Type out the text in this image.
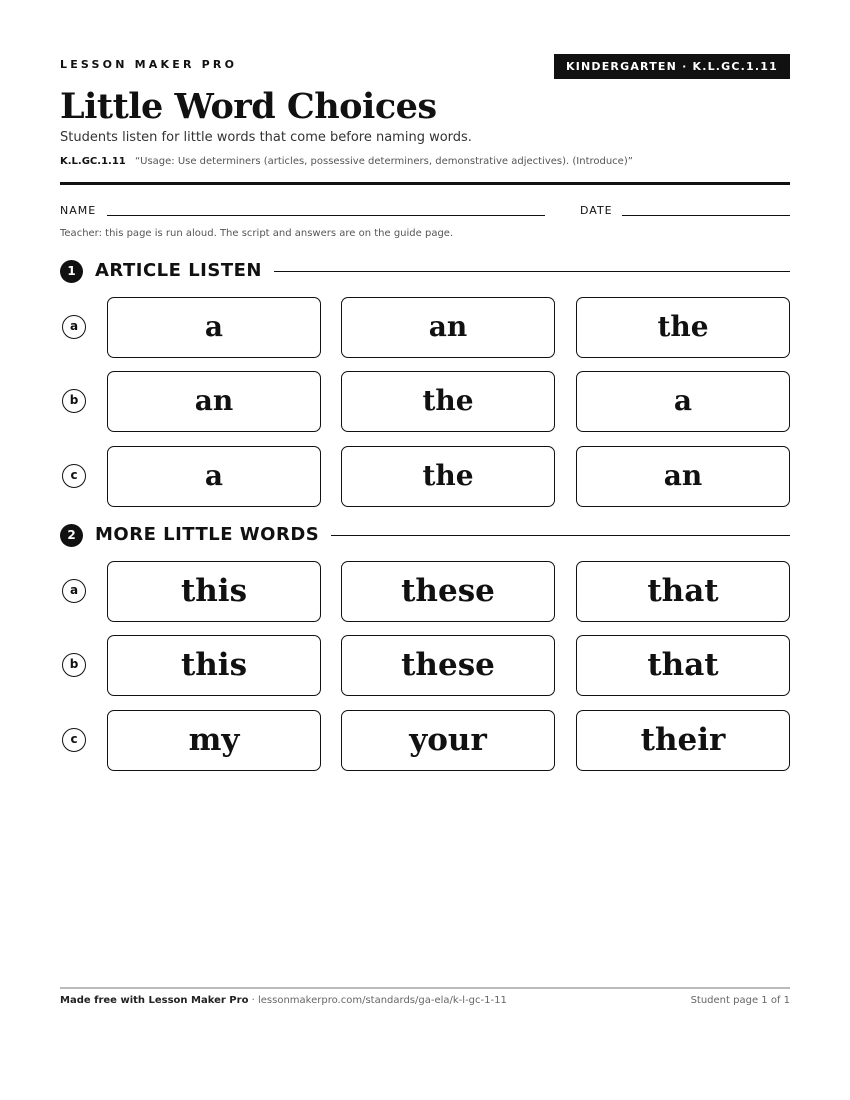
LESSON MAKER PRO	KINDERGARTEN · K.L.GC.1.11
Little Word Choices
Students listen for little words that come before naming words.
K.L.GC.1.11 “Usage: Use determiners (articles, possessive determiners, demonstrative adjectives). (Introduce)”
NAME	DATE
Teacher: this page is run aloud. The script and answers are on the guide page.
1	ARTICLE LISTEN
a	a	an	the
b	an	the	a
c	a	the	an
2	MORE LITTLE WORDS
a	this	these	that
b	this	these	that
c	my	your	their
Made free with Lesson Maker Pro · lessonmakerpro.com/standards/ga-ela/k-l-gc-1-11	Student page 1 of 1
